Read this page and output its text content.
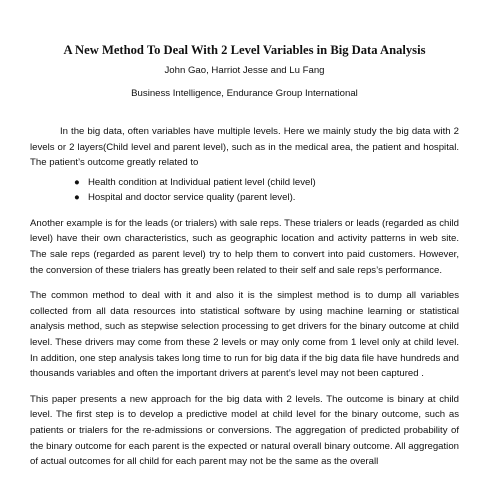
A New Method To Deal With 2 Level Variables in Big Data Analysis

John Gao, Harriot Jesse and Lu Fang

Business Intelligence, Endurance Group International

In the big data, often variables have multiple levels. Here we mainly study the big data with 2 levels or 2 layers(Child level and parent level), such as in the medical area, the patient and hospital. The patient’s outcome greatly related to

● Health condition at Individual patient level (child level)
● Hospital and doctor service quality (parent level).

Another example is for the leads (or trialers) with sale reps. These trialers or leads (regarded as child level) have their own characteristics, such as geographic location and activity patterns in web site. The sale reps (regarded as parent level) try to help them to convert into paid customers. However, the conversion of these trialers has greatly been related to their self and sale reps’s performance.

The common method to deal with it and also it is the simplest method is to dump all variables collected from all data resources into statistical software by using machine learning or statistical analysis method, such as stepwise selection processing to get drivers for the binary outcome at child level. These drivers may come from these 2 levels or may only come from 1 level only at child level. In addition, one step analysis takes long time to run for big data if the big data file have hundreds and thousands variables and often the important drivers at parent’s level may not been captured .

This paper presents a new approach for the big data with 2 levels. The outcome is binary at child level. The first step is to develop a predictive model at child level for the binary outcome, such as patients or trialers for the re-admissions or conversions. The aggregation of predicted probability of the binary outcome for each parent is the expected or natural overall binary outcome. All aggregation of actual outcomes for all child for each parent may not be the same as the overall
